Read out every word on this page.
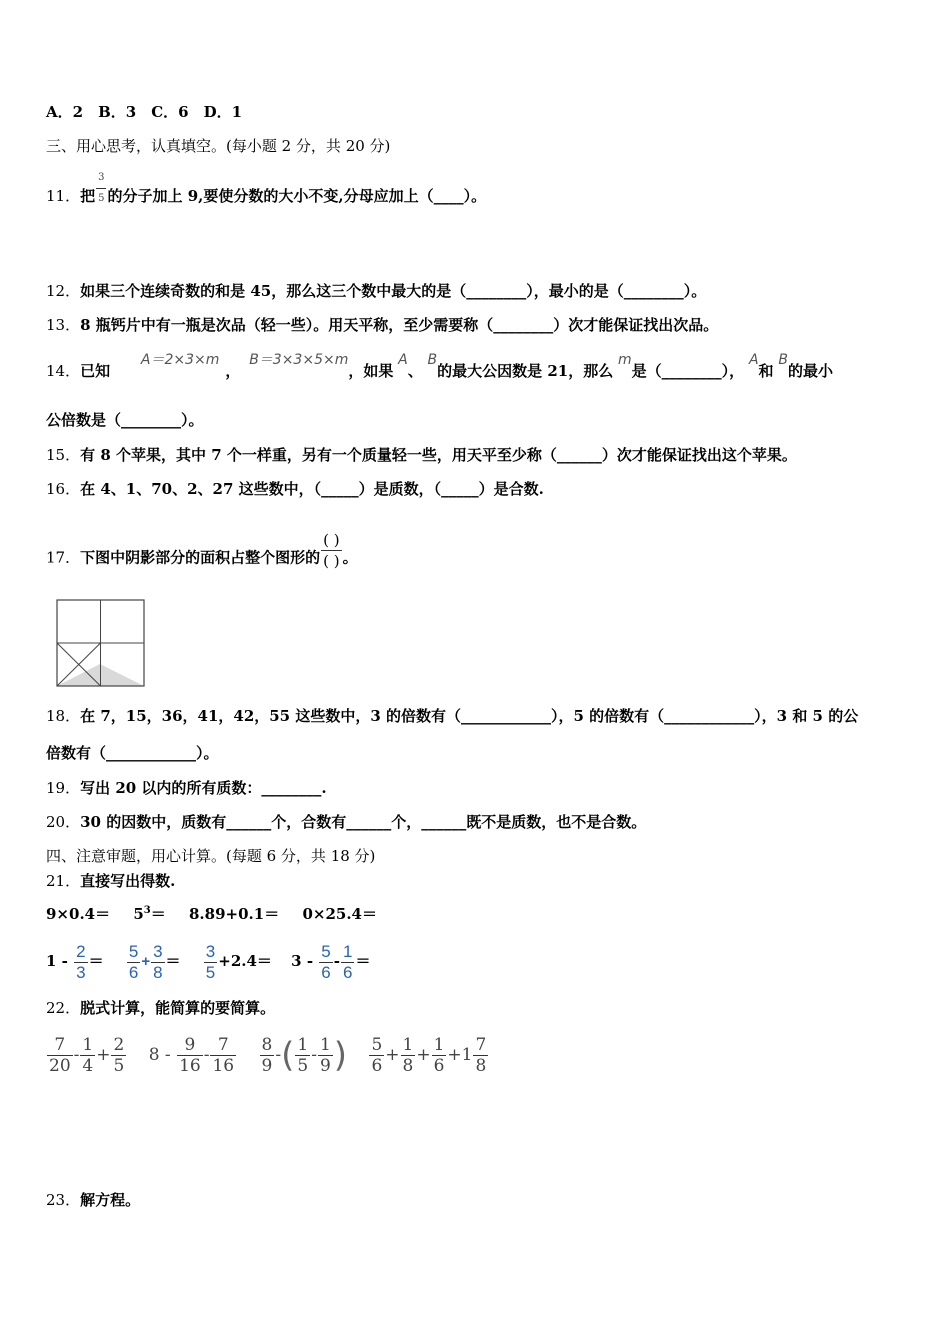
A．2　B．3　C．6　D．1
三、用心思考，认真填空。(每小题 2 分，共 20 分)
11．把 $\frac{3}{5}$ 的分子加上 9,要使分数的大小不变,分母应加上（____）。
12．如果三个连续奇数的和是 45，那么这三个数中最大的是（________），最小的是（________）。
13．8 瓶钙片中有一瓶是次品（轻一些）。用天平称，至少需要称（________）次才能保证找出次品。
14．已知 A＝2×3×m， B＝3×3×5×m，如果 A、 B的最大公因数是 21，那么 m是（________）， A和 B的最小
公倍数是（________）。
15．有 8 个苹果，其中 7 个一样重，另有一个质量轻一些，用天平至少称（______）次才能保证找出这个苹果。
16．在 4、1、70、2、27 这些数中，（_____）是质数，（_____）是合数.
17．下图中阴影部分的面积占整个图形的 $\frac{( )}{( )}$ 。
18．在 7，15，36，41，42，55 这些数中，3 的倍数有（____________），5 的倍数有（____________），3 和 5 的公
倍数有（____________）。
19．写出 20 以内的所有质数：________.
20．30 的因数中，质数有______个，合数有______个，______既不是质数，也不是合数。
四、注意审题，用心计算。(每题 6 分，共 18 分)
21．直接写出得数.
$9\times 0.4= 5^3= 8.89+0.1= 0\times 25.4=$
$1 - \frac{2}{3} = \frac{5}{6} + \frac{3}{8} = \frac{3}{5} +2.4= 3 - \frac{5}{6} - \frac{1}{6}$ ＝
22．脱式计算，能简算的要简算。
$\frac{7}{20} - \frac{1}{4} + \frac{2}{5} 8 - \frac{9}{16} - \frac{7}{16}$
$\frac{8}{9}$ -( $\frac{1}{5} - \frac{1}{9}$ ) $\frac{5}{6} + \frac{1}{8} + \frac{1}{6} +1 \frac{7}{8}$
23．解方程。
